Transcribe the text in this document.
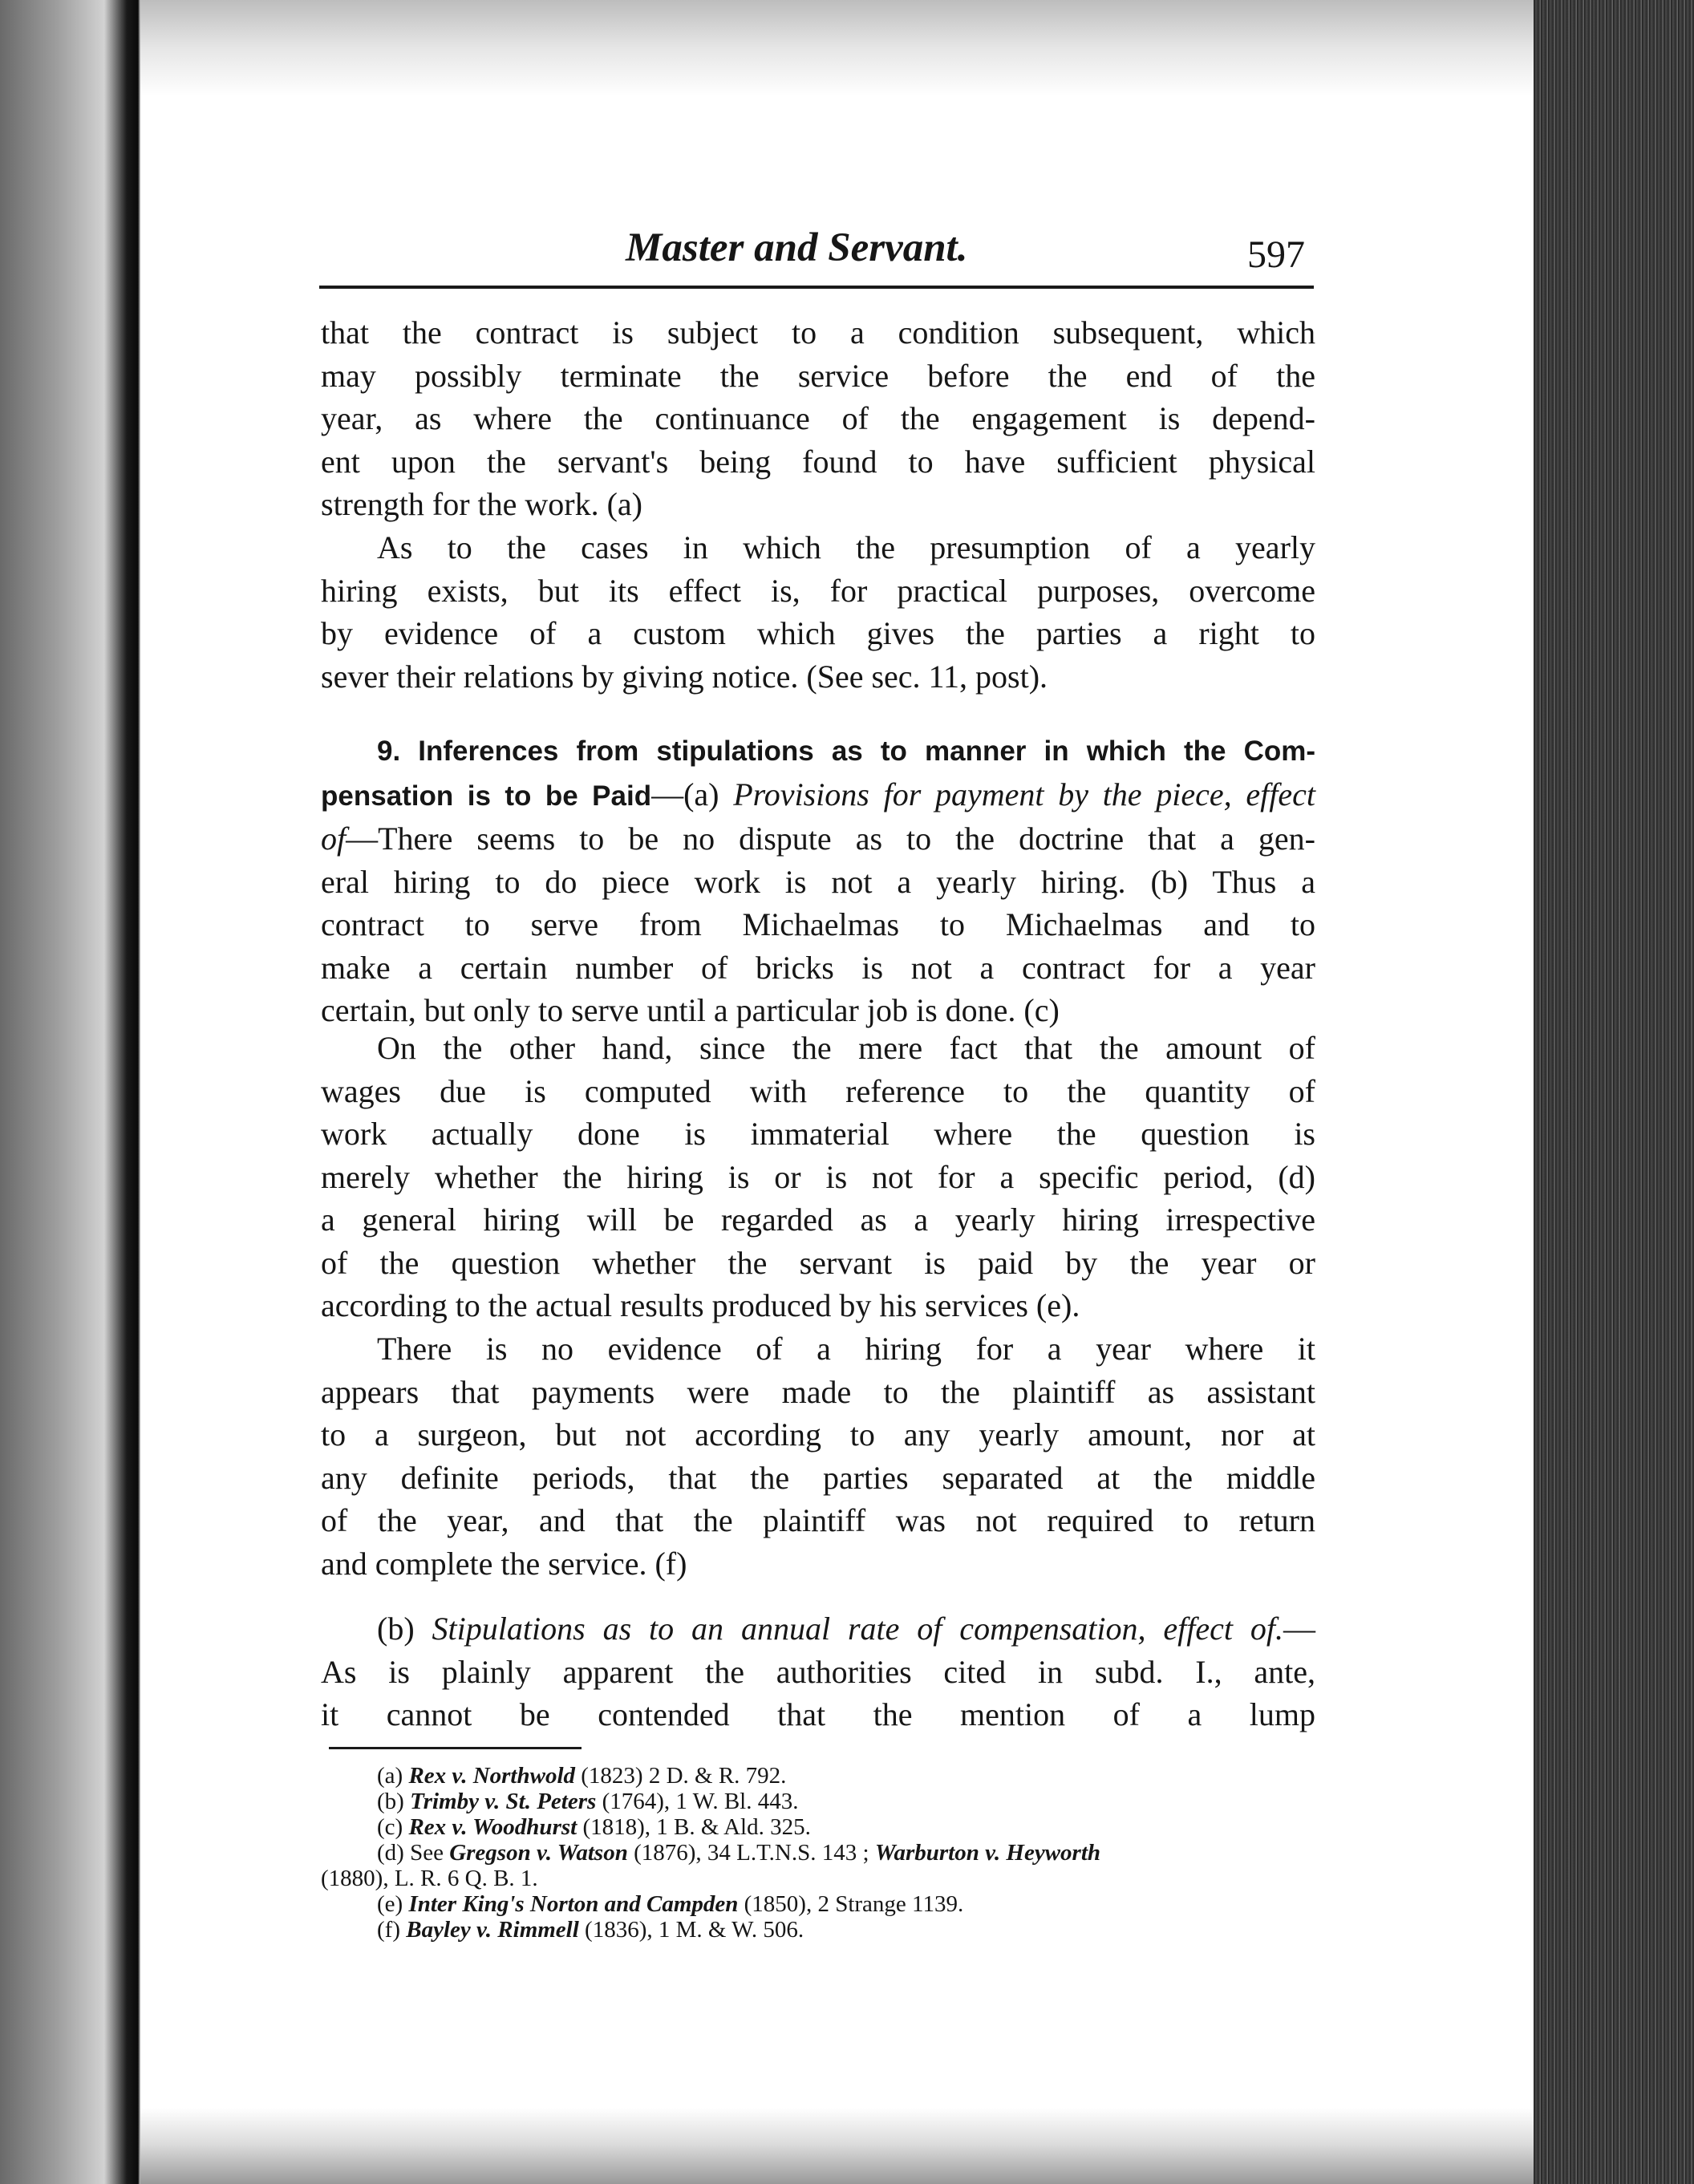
Master and Servant.	597
that the contract is subject to a condition subsequent, which
may possibly terminate the service before the end of the
year, as where the continuance of the engagement is depend-
ent upon the servant's being found to have sufficient physical
strength for the work. (a)
As to the cases in which the presumption of a yearly
hiring exists, but its effect is, for practical purposes, overcome
by evidence of a custom which gives the parties a right to
sever their relations by giving notice. (See sec. 11, post).
9. Inferences from stipulations as to manner in which the Com-
pensation is to be Paid—(a) Provisions for payment by the piece, effect
of—There seems to be no dispute as to the doctrine that a gen-
eral hiring to do piece work is not a yearly hiring. (b) Thus a
contract to serve from Michaelmas to Michaelmas and to
make a certain number of bricks is not a contract for a year
certain, but only to serve until a particular job is done. (c)
On the other hand, since the mere fact that the amount of
wages due is computed with reference to the quantity of
work actually done is immaterial where the question is
merely whether the hiring is or is not for a specific period, (d)
a general hiring will be regarded as a yearly hiring irrespective
of the question whether the servant is paid by the year or
according to the actual results produced by his services (e).
There is no evidence of a hiring for a year where it
appears that payments were made to the plaintiff as assistant
to a surgeon, but not according to any yearly amount, nor at
any definite periods, that the parties separated at the middle
of the year, and that the plaintiff was not required to return
and complete the service. (f)
(b) Stipulations as to an annual rate of compensation, effect of.—
As is plainly apparent the authorities cited in subd. I., ante,
it cannot be contended that the mention of a lump
(a) Rex v. Northwold (1823) 2 D. & R. 792.
(b) Trimby v. St. Peters (1764), 1 W. Bl. 443.
(c) Rex v. Woodhurst (1818), 1 B. & Ald. 325.
(d) See Gregson v. Watson (1876), 34 L.T.N.S. 143 ; Warburton v. Heyworth
(1880), L. R. 6 Q. B. 1.
(e) Inter King's Norton and Campden (1850), 2 Strange 1139.
(f) Bayley v. Rimmell (1836), 1 M. & W. 506.
